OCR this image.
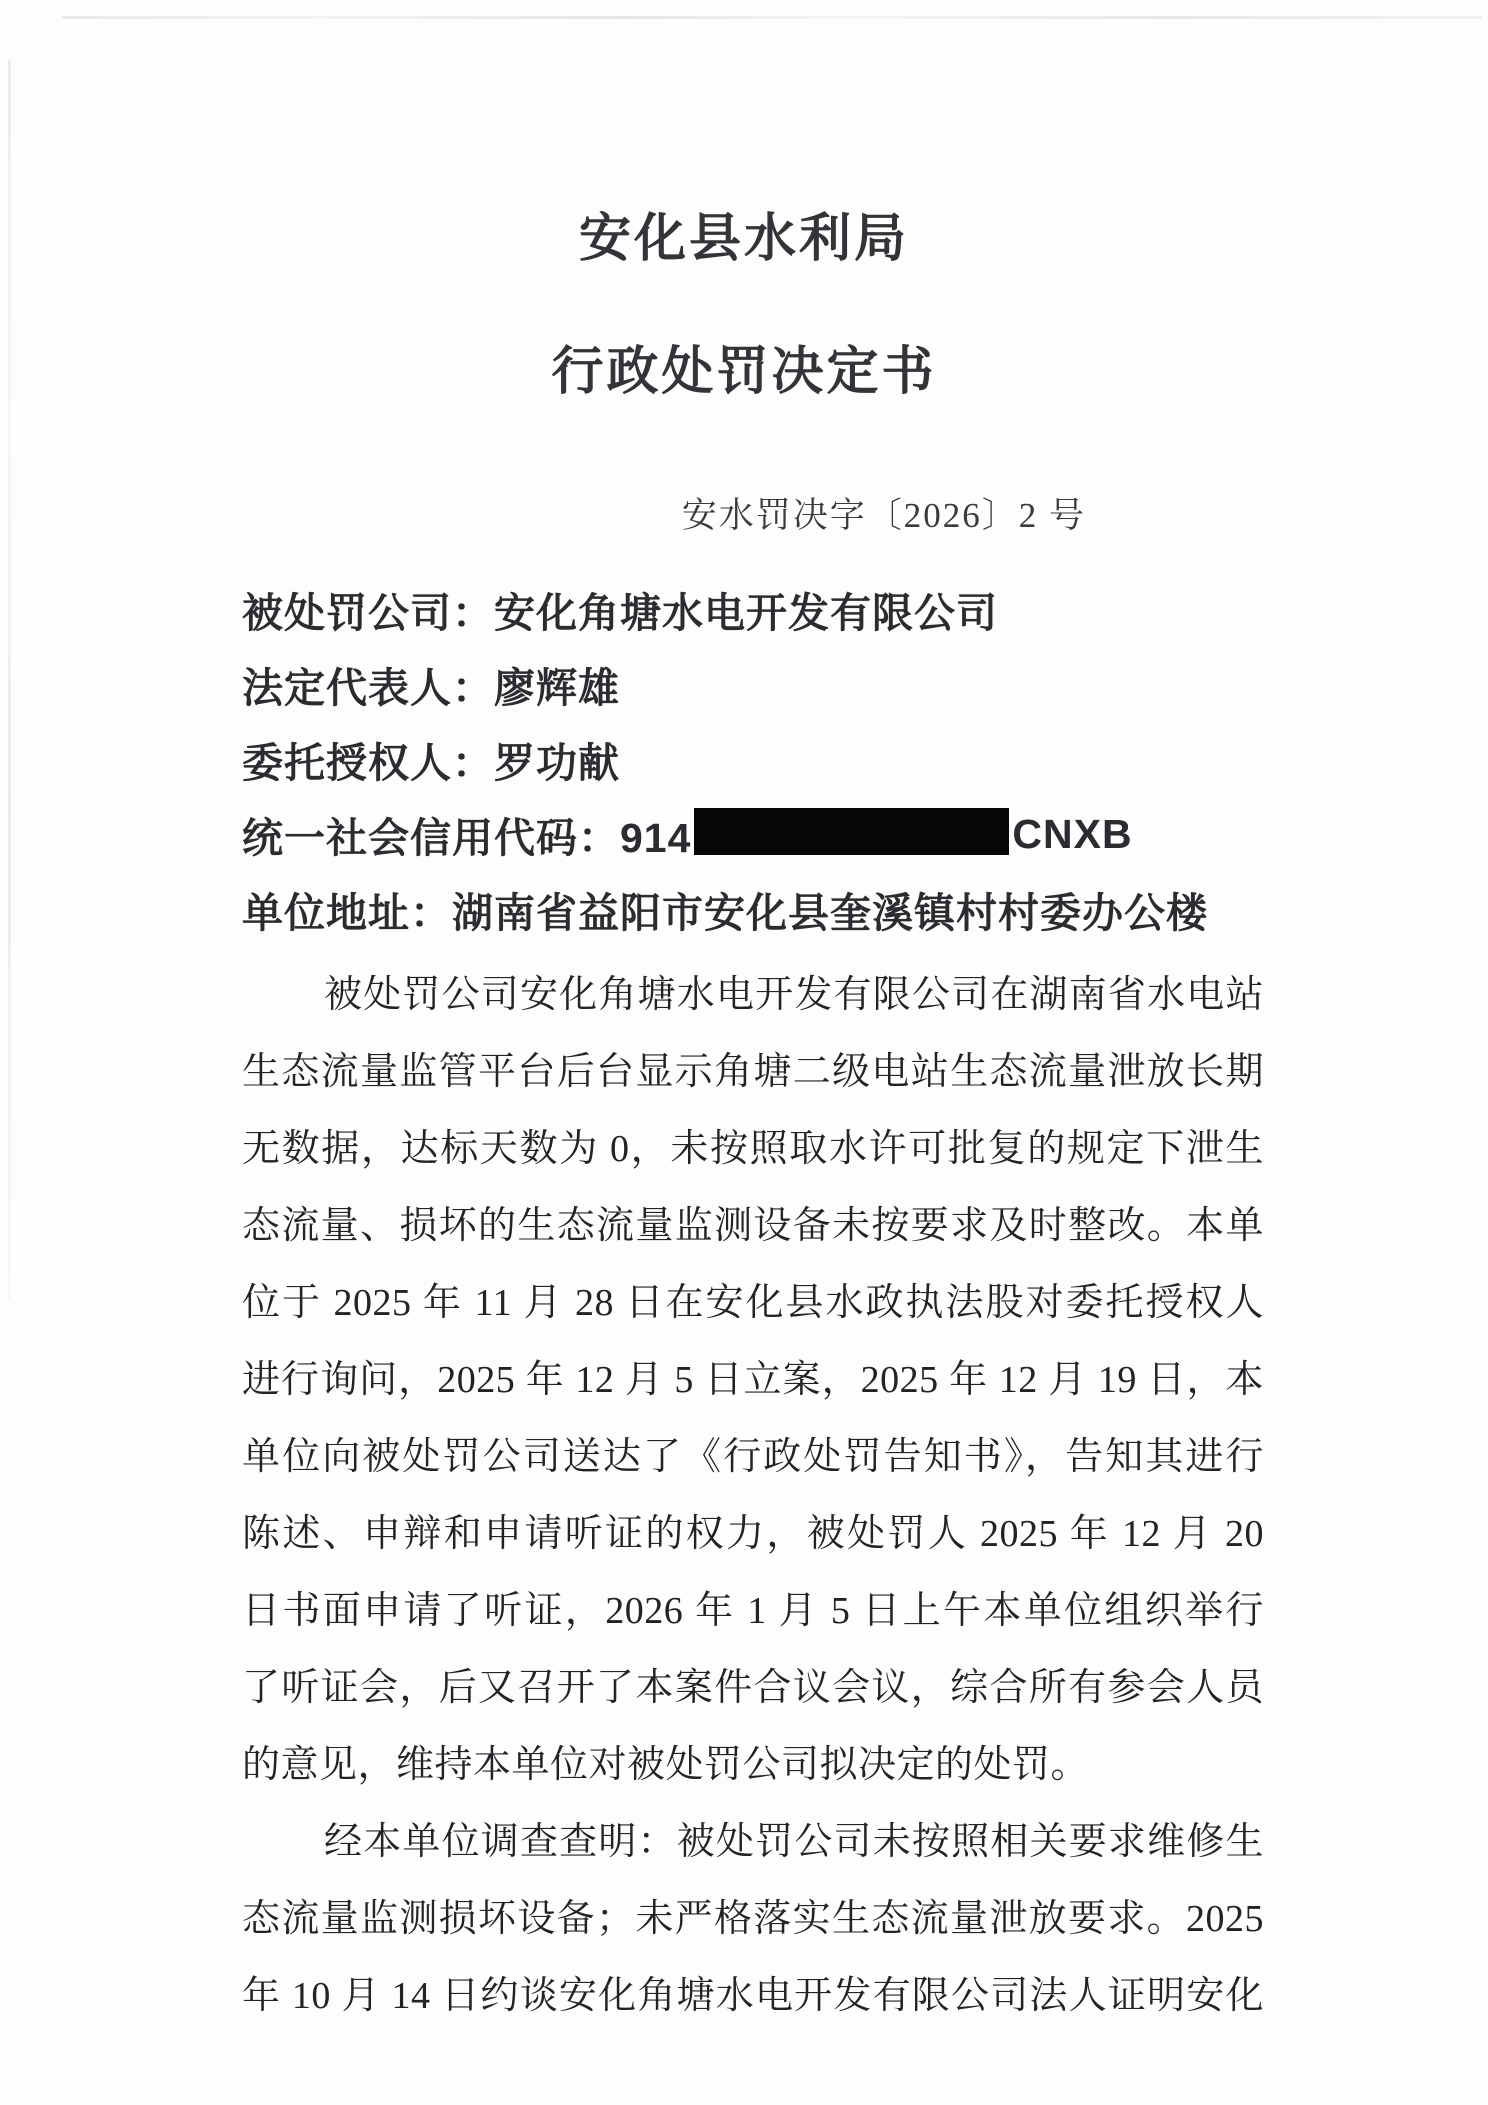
安化县水利局
行政处罚决定书
安水罚决字〔2026〕2 号
被处罚公司：安化角塘水电开发有限公司
法定代表人：廖辉雄
委托授权人：罗功献
统一社会信用代码：914	CNXB
单位地址：湖南省益阳市安化县奎溪镇村村委办公楼
被处罚公司安化角塘水电开发有限公司在湖南省水电站
生态流量监管平台后台显示角塘二级电站生态流量泄放长期
无数据，达标天数为 0，未按照取水许可批复的规定下泄生
态流量、损坏的生态流量监测设备未按要求及时整改。本单
位于 2025 年 11 月 28 日在安化县水政执法股对委托授权人
进行询问，2025 年 12 月 5 日立案，2025 年 12 月 19 日，本
单位向被处罚公司送达了《行政处罚告知书》，告知其进行
陈述、申辩和申请听证的权力，被处罚人 2025 年 12 月 20
日书面申请了听证，2026 年 1 月 5 日上午本单位组织举行
了听证会，后又召开了本案件合议会议，综合所有参会人员
的意见，维持本单位对被处罚公司拟决定的处罚。
经本单位调查查明：被处罚公司未按照相关要求维修生
态流量监测损坏设备；未严格落实生态流量泄放要求。2025
年 10 月 14 日约谈安化角塘水电开发有限公司法人证明安化
